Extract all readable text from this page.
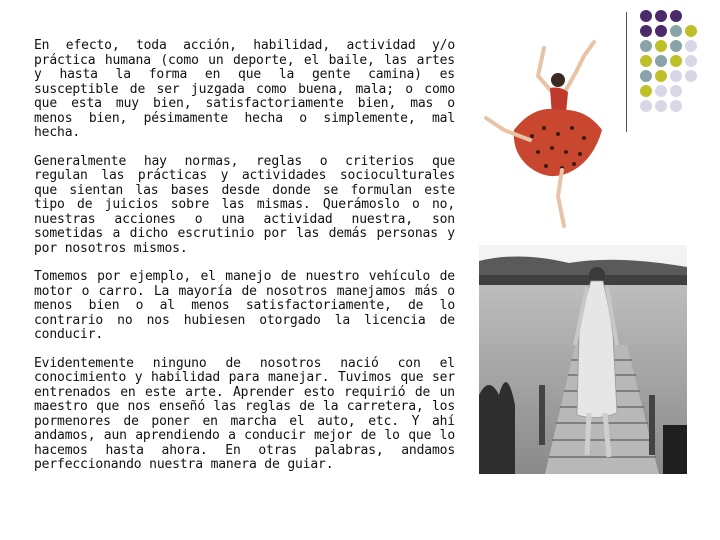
En efecto, toda acción, habilidad, actividad y/o práctica humana (como un deporte, el baile, las artes y hasta la forma en que la gente camina) es susceptible de ser juzgada como buena, mala; o como que esta muy bien, satisfactoriamente bien, mas o menos bien, pésimamente hecha o simplemente, mal hecha.

Generalmente hay normas, reglas o criterios que regulan las prácticas y actividades socioculturales que sientan las bases desde donde se formulan este tipo de juicios sobre las mismas. Querámoslo o no, nuestras acciones o una actividad nuestra, son sometidas a dicho escrutinio por las demás personas y por nosotros mismos.

Tomemos por ejemplo, el manejo de nuestro vehículo de motor o carro. La mayoría de nosotros manejamos más o menos bien o al menos satisfactoriamente, de lo contrario no nos hubiesen otorgado la licencia de conducir.

Evidentemente ninguno de nosotros nació con el conocimiento y habilidad para manejar. Tuvimos que ser entrenados en este arte. Aprender esto requirió de un maestro que nos enseñó las reglas de la carretera, los pormenores de poner en marcha el auto, etc. Y ahí andamos, aun aprendiendo a conducir mejor de lo que lo hacemos hasta ahora. En otras palabras, andamos perfeccionando nuestra manera de guiar.
